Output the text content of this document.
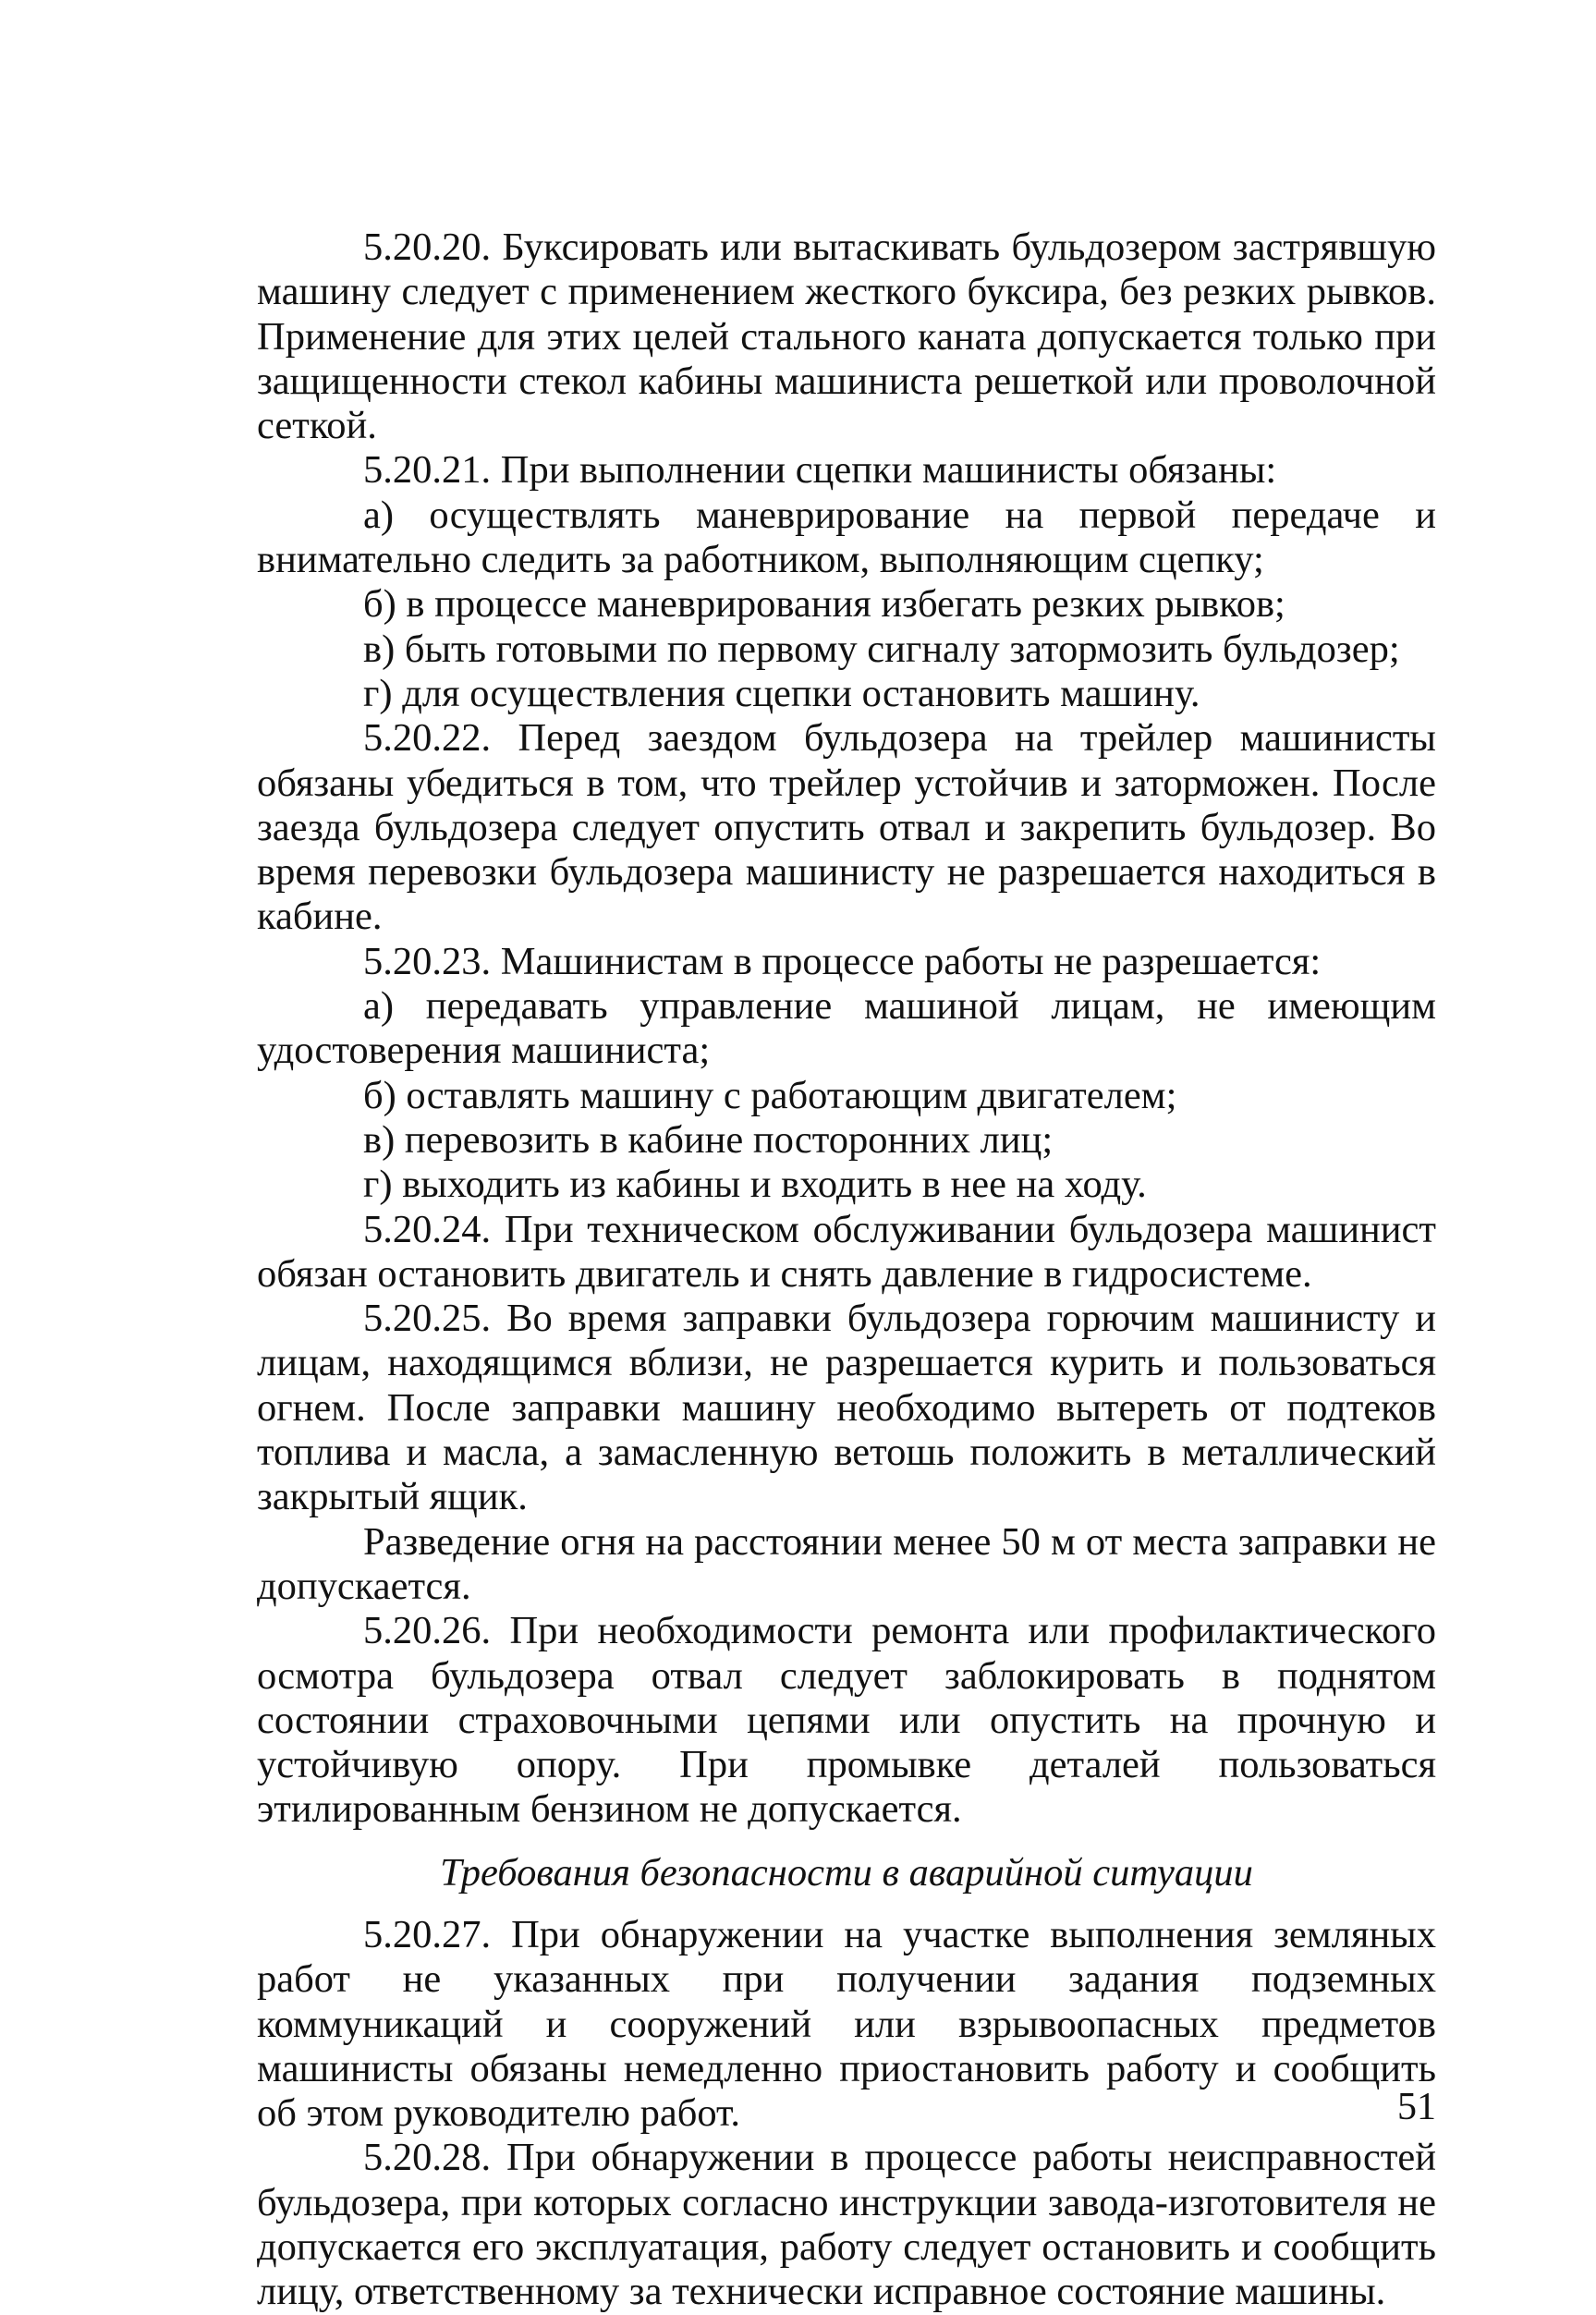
5.20.20. Буксировать или вытаскивать бульдозером застрявшую машину следует с применением жесткого буксира, без резких рывков. Применение для этих целей стального каната допускается только при защищенности стекол кабины машиниста решеткой или проволочной сеткой.

5.20.21. При выполнении сцепки машинисты обязаны:

а) осуществлять маневрирование на первой передаче и внимательно следить за работником, выполняющим сцепку;

б) в процессе маневрирования избегать резких рывков;

в) быть готовыми по первому сигналу затормозить бульдозер;

г) для осуществления сцепки остановить машину.

5.20.22. Перед заездом бульдозера на трейлер машинисты обязаны убедиться в том, что трейлер устойчив и заторможен. После заезда бульдозера следует опустить отвал и закрепить бульдозер. Во время перевозки бульдозера машинисту не разрешается находиться в кабине.

5.20.23. Машинистам в процессе работы не разрешается:

а) передавать управление машиной лицам, не имеющим удостоверения машиниста;

б) оставлять машину с работающим двигателем;

в) перевозить в кабине посторонних лиц;

г) выходить из кабины и входить в нее на ходу.

5.20.24. При техническом обслуживании бульдозера машинист обязан остановить двигатель и снять давление в гидросистеме.

5.20.25. Во время заправки бульдозера горючим машинисту и лицам, находящимся вблизи, не разрешается курить и пользоваться огнем. После заправки машину необходимо вытереть от подтеков топлива и масла, а замасленную ветошь положить в металлический закрытый ящик.

Разведение огня на расстоянии менее 50 м от места заправки не допускается.

5.20.26. При необходимости ремонта или профилактического осмотра бульдозера отвал следует заблокировать в поднятом состоянии страховочными цепями или опустить на прочную и устойчивую опору. При промывке деталей пользоваться этилированным бензином не допускается.

Требования безопасности в аварийной ситуации

5.20.27. При обнаружении на участке выполнения земляных работ не указанных при получении задания подземных коммуникаций и сооружений или взрывоопасных предметов машинисты обязаны немедленно приостановить работу и сообщить об этом руководителю работ.

5.20.28. При обнаружении в процессе работы неисправностей бульдозера, при которых согласно инструкции завода-изготовителя не допускается его эксплуатация, работу следует остановить и сообщить лицу, ответственному за технически исправное состояние машины.

51
